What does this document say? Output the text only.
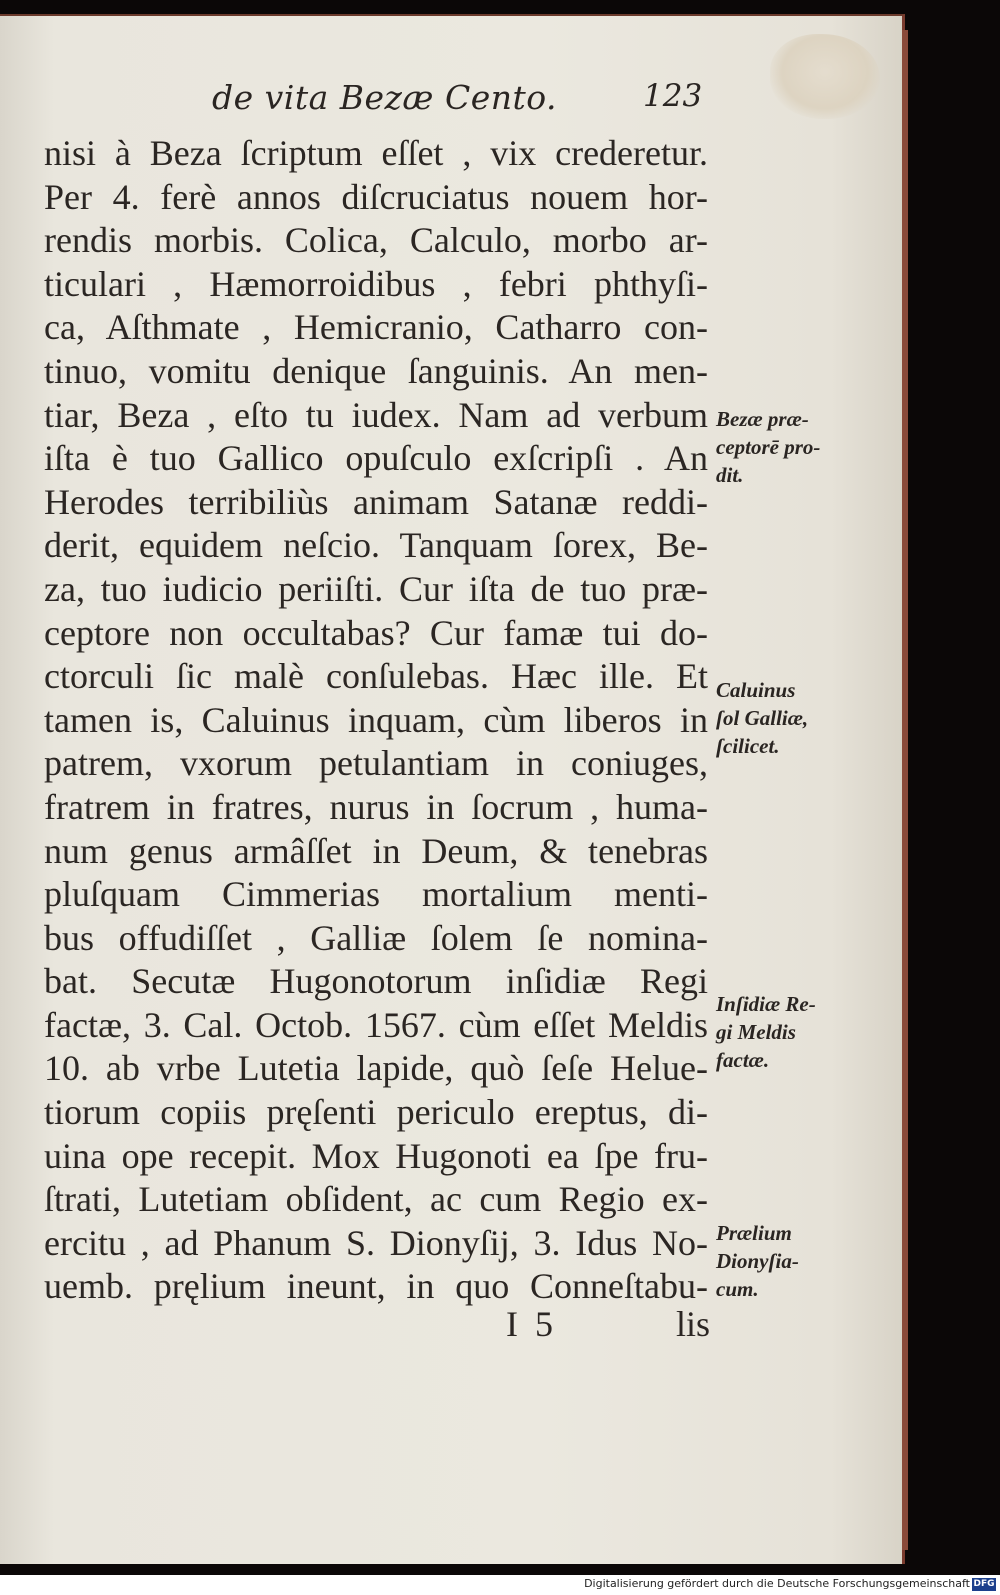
de vita Bezæ Cento.	123
nisi à Beza ſcriptum eſſet , vix crederetur.
Per 4. ferè annos diſcruciatus nouem hor-
rendis morbis. Colica, Calculo, morbo ar-
ticulari , Hæmorroidibus , febri phthyſi-
ca, Aſthmate , Hemicranio, Catharro con-
tinuo, vomitu denique ſanguinis. An men-
tiar, Beza , eſto tu iudex. Nam ad verbum
iſta è tuo Gallico opuſculo exſcripſi . An
Herodes terribiliùs animam Satanæ reddi-
derit, equidem neſcio. Tanquam ſorex, Be-
za, tuo iudicio periiſti. Cur iſta de tuo præ-
ceptore non occultabas? Cur famæ tui do-
ctorculi ſic malè conſulebas. Hæc ille. Et
tamen is, Caluinus inquam, cùm liberos in
patrem, vxorum petulantiam in coniuges,
fratrem in fratres, nurus in ſocrum , huma-
num genus armâſſet in Deum, & tenebras
pluſquam Cimmerias mortalium menti-
bus offudiſſet , Galliæ ſolem ſe nomina-
bat. Secutæ Hugonotorum inſidiæ Regi
factæ, 3. Cal. Octob. 1567. cùm eſſet Meldis
10. ab vrbe Lutetia lapide, quò ſeſe Helue-
tiorum copiis pręſenti periculo ereptus, di-
uina ope recepit. Mox Hugonoti ea ſpe fru-
ſtrati, Lutetiam obſident, ac cum Regio ex-
ercitu , ad Phanum S. Dionyſij, 3. Idus No-
uemb. pręlium ineunt, in quo Conneſtabu-
Bezæ præ-
ceptorē pro-
dit.
Caluinus
ſol Galliæ,
ſcilicet.
Inſidiæ Re-
gi Meldis
factæ.
Prælium
Dionyſia-
cum.
I 5	lis
Digitalisierung gefördert durch die Deutsche Forschungsgemeinschaft DFG
